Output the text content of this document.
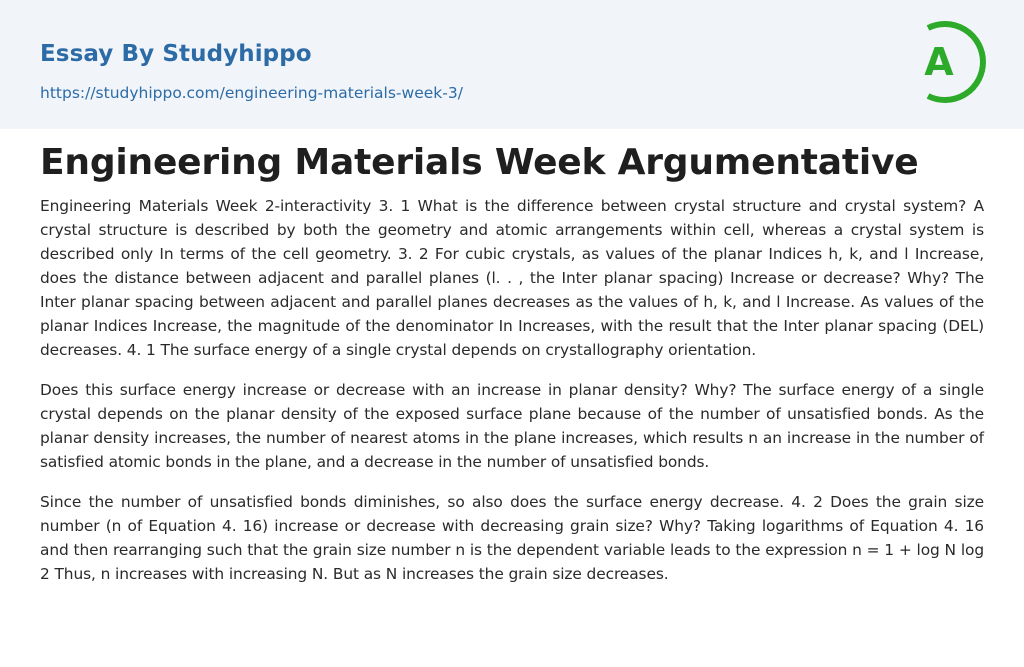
Essay By Studyhippo
https://studyhippo.com/engineering-materials-week-3/
A
Engineering Materials Week Argumentative

Engineering Materials Week 2-interactivity 3. 1 What is the difference between crystal structure and crystal system? A crystal structure is described by both the geometry and atomic arrangements within cell, whereas a crystal system is described only In terms of the cell geometry. 3. 2 For cubic crystals, as values of the planar Indices h, k, and l Increase, does the distance between adjacent and parallel planes (l. . , the Inter planar spacing) Increase or decrease? Why? The Inter planar spacing between adjacent and parallel planes decreases as the values of h, k, and l Increase. As values of the planar Indices Increase, the magnitude of the denominator In Increases, with the result that the Inter planar spacing (DEL) decreases. 4. 1 The surface energy of a single crystal depends on crystallography orientation.

Does this surface energy increase or decrease with an increase in planar density? Why? The surface energy of a single crystal depends on the planar density of the exposed surface plane because of the number of unsatisfied bonds. As the planar density increases, the number of nearest atoms in the plane increases, which results n an increase in the number of satisfied atomic bonds in the plane, and a decrease in the number of unsatisfied bonds.

Since the number of unsatisfied bonds diminishes, so also does the surface energy decrease. 4. 2 Does the grain size number (n of Equation 4. 16) increase or decrease with decreasing grain size? Why? Taking logarithms of Equation 4. 16 and then rearranging such that the grain size number n is the dependent variable leads to the expression n = 1 + log N log 2 Thus, n increases with increasing N. But as N increases the grain size decreases.
